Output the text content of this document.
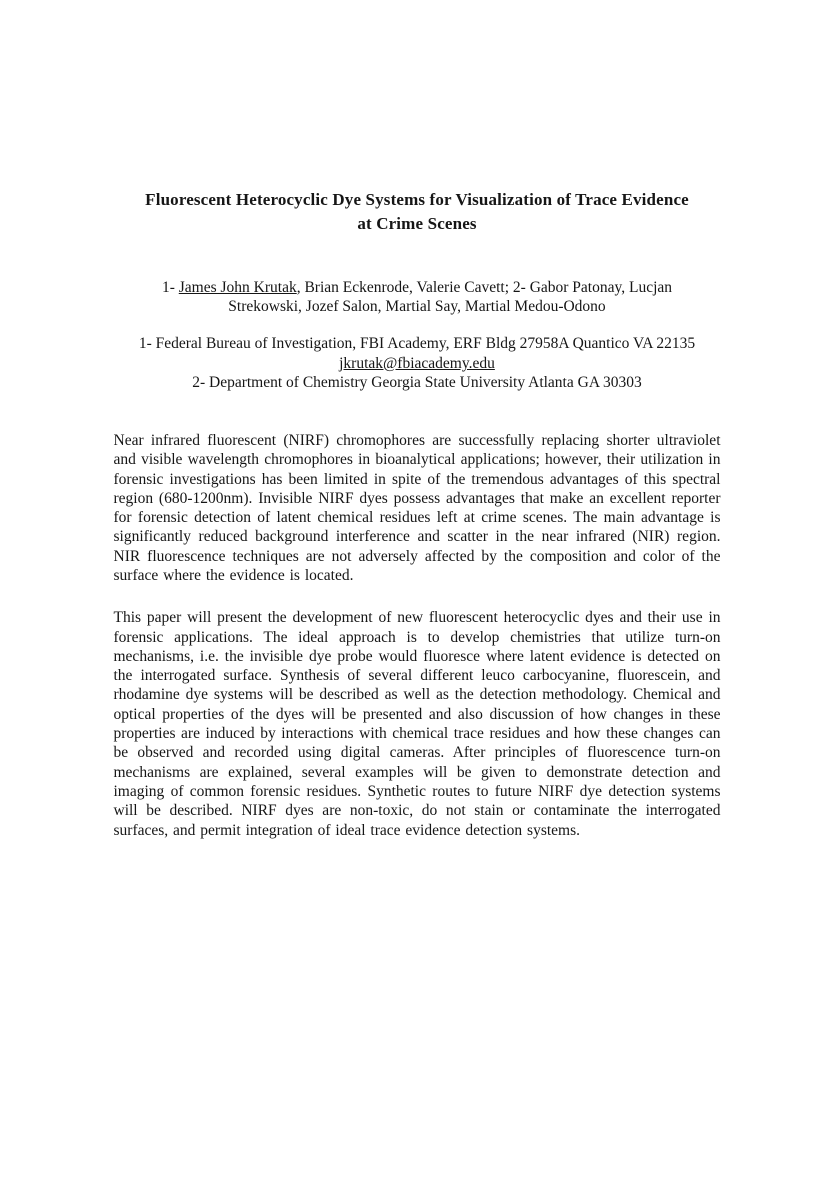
Fluorescent Heterocyclic Dye Systems for Visualization of Trace Evidence
at Crime Scenes
1- James John Krutak, Brian Eckenrode, Valerie Cavett; 2- Gabor Patonay, Lucjan
Strekowski, Jozef Salon, Martial Say, Martial Medou-Odono
1- Federal Bureau of Investigation, FBI Academy, ERF Bldg 27958A Quantico VA 22135
jkrutak@fbiacademy.edu
2- Department of Chemistry Georgia State University Atlanta GA 30303

Near infrared fluorescent (NIRF) chromophores are successfully replacing shorter ultraviolet and visible wavelength chromophores in bioanalytical applications; however, their utilization in forensic investigations has been limited in spite of the tremendous advantages of this spectral region (680-1200nm). Invisible NIRF dyes possess advantages that make an excellent reporter for forensic detection of latent chemical residues left at crime scenes. The main advantage is significantly reduced background interference and scatter in the near infrared (NIR) region. NIR fluorescence techniques are not adversely affected by the composition and color of the surface where the evidence is located.

This paper will present the development of new fluorescent heterocyclic dyes and their use in forensic applications. The ideal approach is to develop chemistries that utilize turn-on mechanisms, i.e. the invisible dye probe would fluoresce where latent evidence is detected on the interrogated surface. Synthesis of several different leuco carbocyanine, fluorescein, and rhodamine dye systems will be described as well as the detection methodology. Chemical and optical properties of the dyes will be presented and also discussion of how changes in these properties are induced by interactions with chemical trace residues and how these changes can be observed and recorded using digital cameras. After principles of fluorescence turn-on mechanisms are explained, several examples will be given to demonstrate detection and imaging of common forensic residues. Synthetic routes to future NIRF dye detection systems will be described. NIRF dyes are non-toxic, do not stain or contaminate the interrogated surfaces, and permit integration of ideal trace evidence detection systems.
